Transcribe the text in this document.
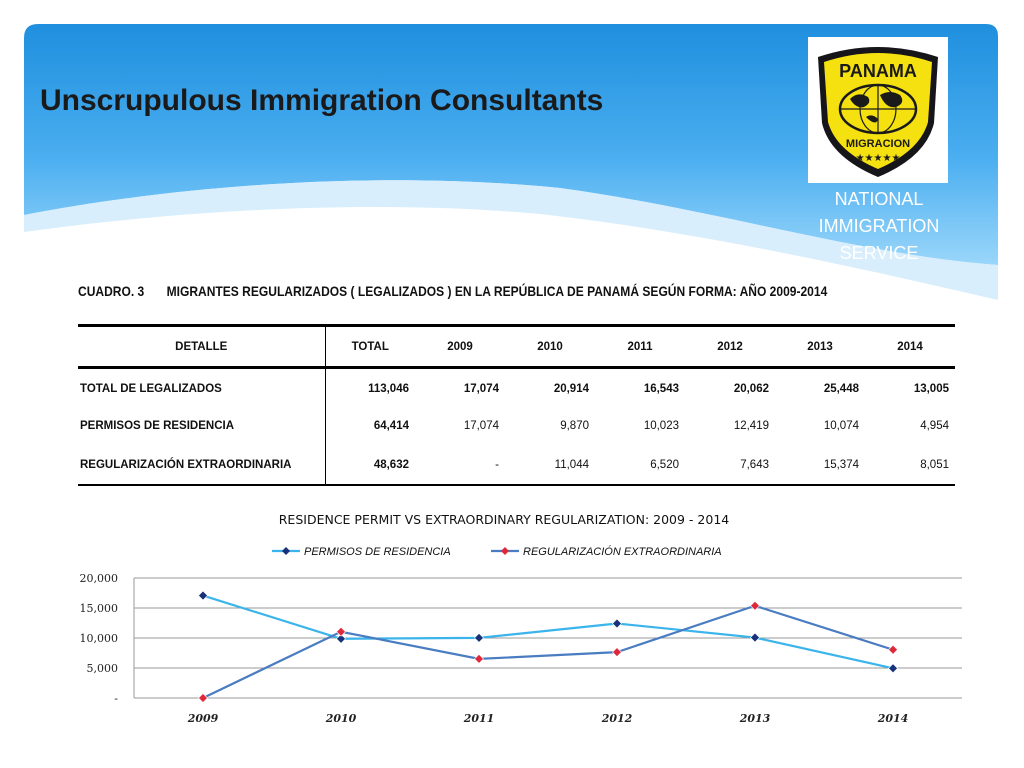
Unscrupulous Immigration Consultants
PANAMA
MIGRACION
★★★★★
NATIONAL
IMMIGRATION
SERVICE
CUADRO. 3 MIGRANTES REGULARIZADOS ( LEGALIZADOS ) EN LA REPÚBLICA DE PANAMÁ SEGÚN FORMA: AÑO 2009-2014
DETALLE	TOTAL	2009	2010	2011	2012	2013	2014
TOTAL DE LEGALIZADOS	113,046	17,074	20,914	16,543	20,062	25,448	13,005
PERMISOS DE RESIDENCIA	64,414	17,074	9,870	10,023	12,419	10,074	4,954
REGULARIZACIÓN EXTRAORDINARIA	48,632	-	11,044	6,520	7,643	15,374	8,051
RESIDENCE PERMIT VS EXTRAORDINARY REGULARIZATION: 2009 - 2014
PERMISOS DE RESIDENCIA	REGULARIZACIÓN EXTRAORDINARIA
-
5,000
10,000
15,000
20,000
2009	2010	2011	2012	2013	2014
